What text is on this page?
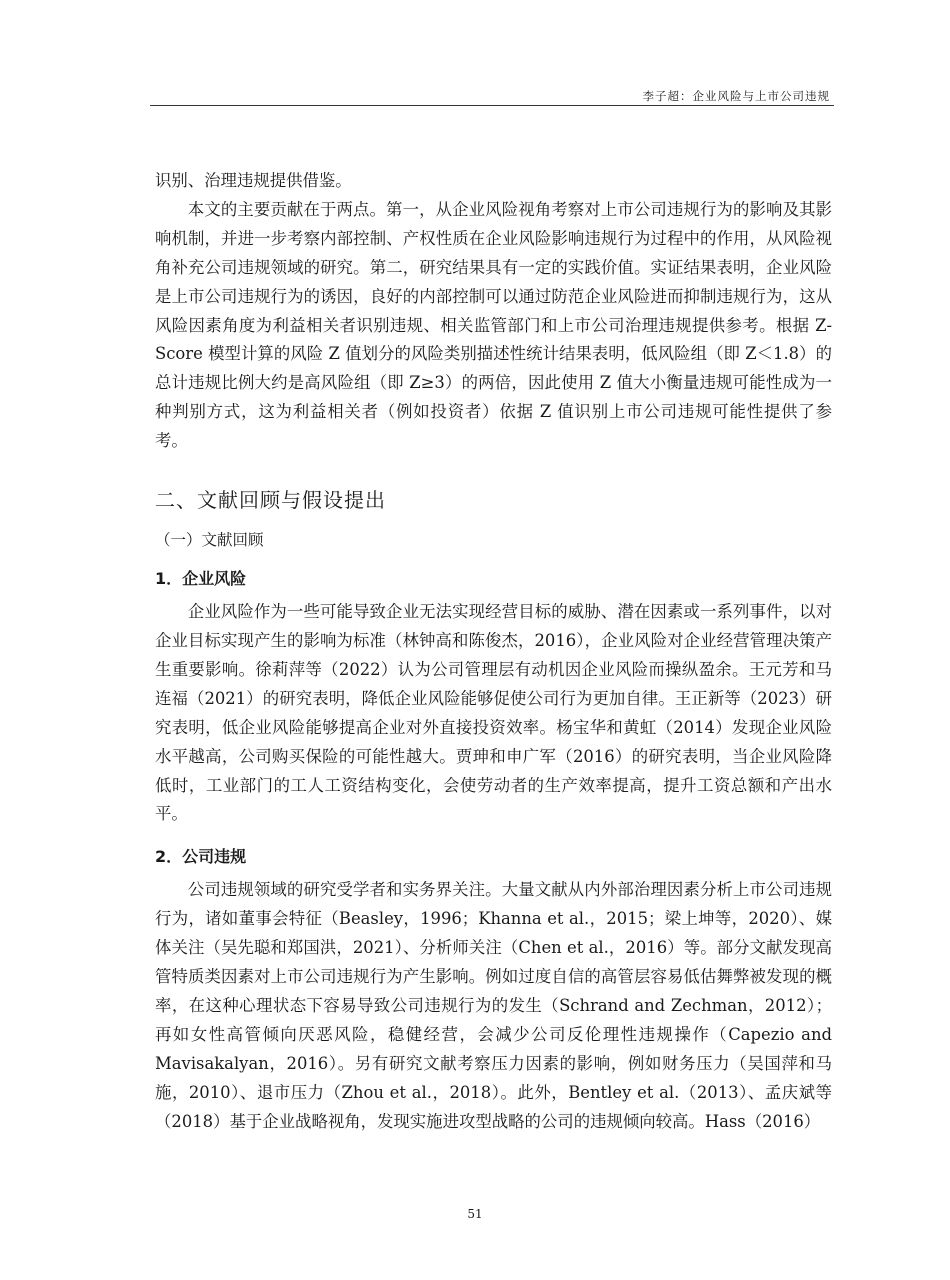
李子超：企业风险与上市公司违规

识别、治理违规提供借鉴。

本文的主要贡献在于两点。第一，从企业风险视角考察对上市公司违规行为的影响及其影响机制，并进一步考察内部控制、产权性质在企业风险影响违规行为过程中的作用，从风险视角补充公司违规领域的研究。第二，研究结果具有一定的实践价值。实证结果表明，企业风险是上市公司违规行为的诱因，良好的内部控制可以通过防范企业风险进而抑制违规行为，这从风险因素角度为利益相关者识别违规、相关监管部门和上市公司治理违规提供参考。根据 Z-Score 模型计算的风险 Z 值划分的风险类别描述性统计结果表明，低风险组（即 Z＜1.8）的总计违规比例大约是高风险组（即 Z≥3）的两倍，因此使用 Z 值大小衡量违规可能性成为一种判别方式，这为利益相关者（例如投资者）依据 Z 值识别上市公司违规可能性提供了参考。

二、文献回顾与假设提出
（一）文献回顾
1．企业风险

企业风险作为一些可能导致企业无法实现经营目标的威胁、潜在因素或一系列事件，以对企业目标实现产生的影响为标准（林钟高和陈俊杰，2016），企业风险对企业经营管理决策产生重要影响。徐莉萍等（2022）认为公司管理层有动机因企业风险而操纵盈余。王元芳和马连福（2021）的研究表明，降低企业风险能够促使公司行为更加自律。王正新等（2023）研究表明，低企业风险能够提高企业对外直接投资效率。杨宝华和黄虹（2014）发现企业风险水平越高，公司购买保险的可能性越大。贾珅和申广军（2016）的研究表明，当企业风险降低时，工业部门的工人工资结构变化，会使劳动者的生产效率提高，提升工资总额和产出水平。

2．公司违规

公司违规领域的研究受学者和实务界关注。大量文献从内外部治理因素分析上市公司违规行为，诸如董事会特征（Beasley，1996；Khanna et al.，2015；梁上坤等，2020）、媒体关注（吴先聪和郑国洪，2021）、分析师关注（Chen et al.，2016）等。部分文献发现高管特质类因素对上市公司违规行为产生影响。例如过度自信的高管层容易低估舞弊被发现的概率，在这种心理状态下容易导致公司违规行为的发生（Schrand and Zechman，2012）；再如女性高管倾向厌恶风险，稳健经营，会减少公司反伦理性违规操作（Capezio and Mavisakalyan，2016）。另有研究文献考察压力因素的影响，例如财务压力（吴国萍和马施，2010）、退市压力（Zhou et al.，2018）。此外，Bentley et al.（2013）、孟庆斌等（2018）基于企业战略视角，发现实施进攻型战略的公司的违规倾向较高。Hass（2016）

51
